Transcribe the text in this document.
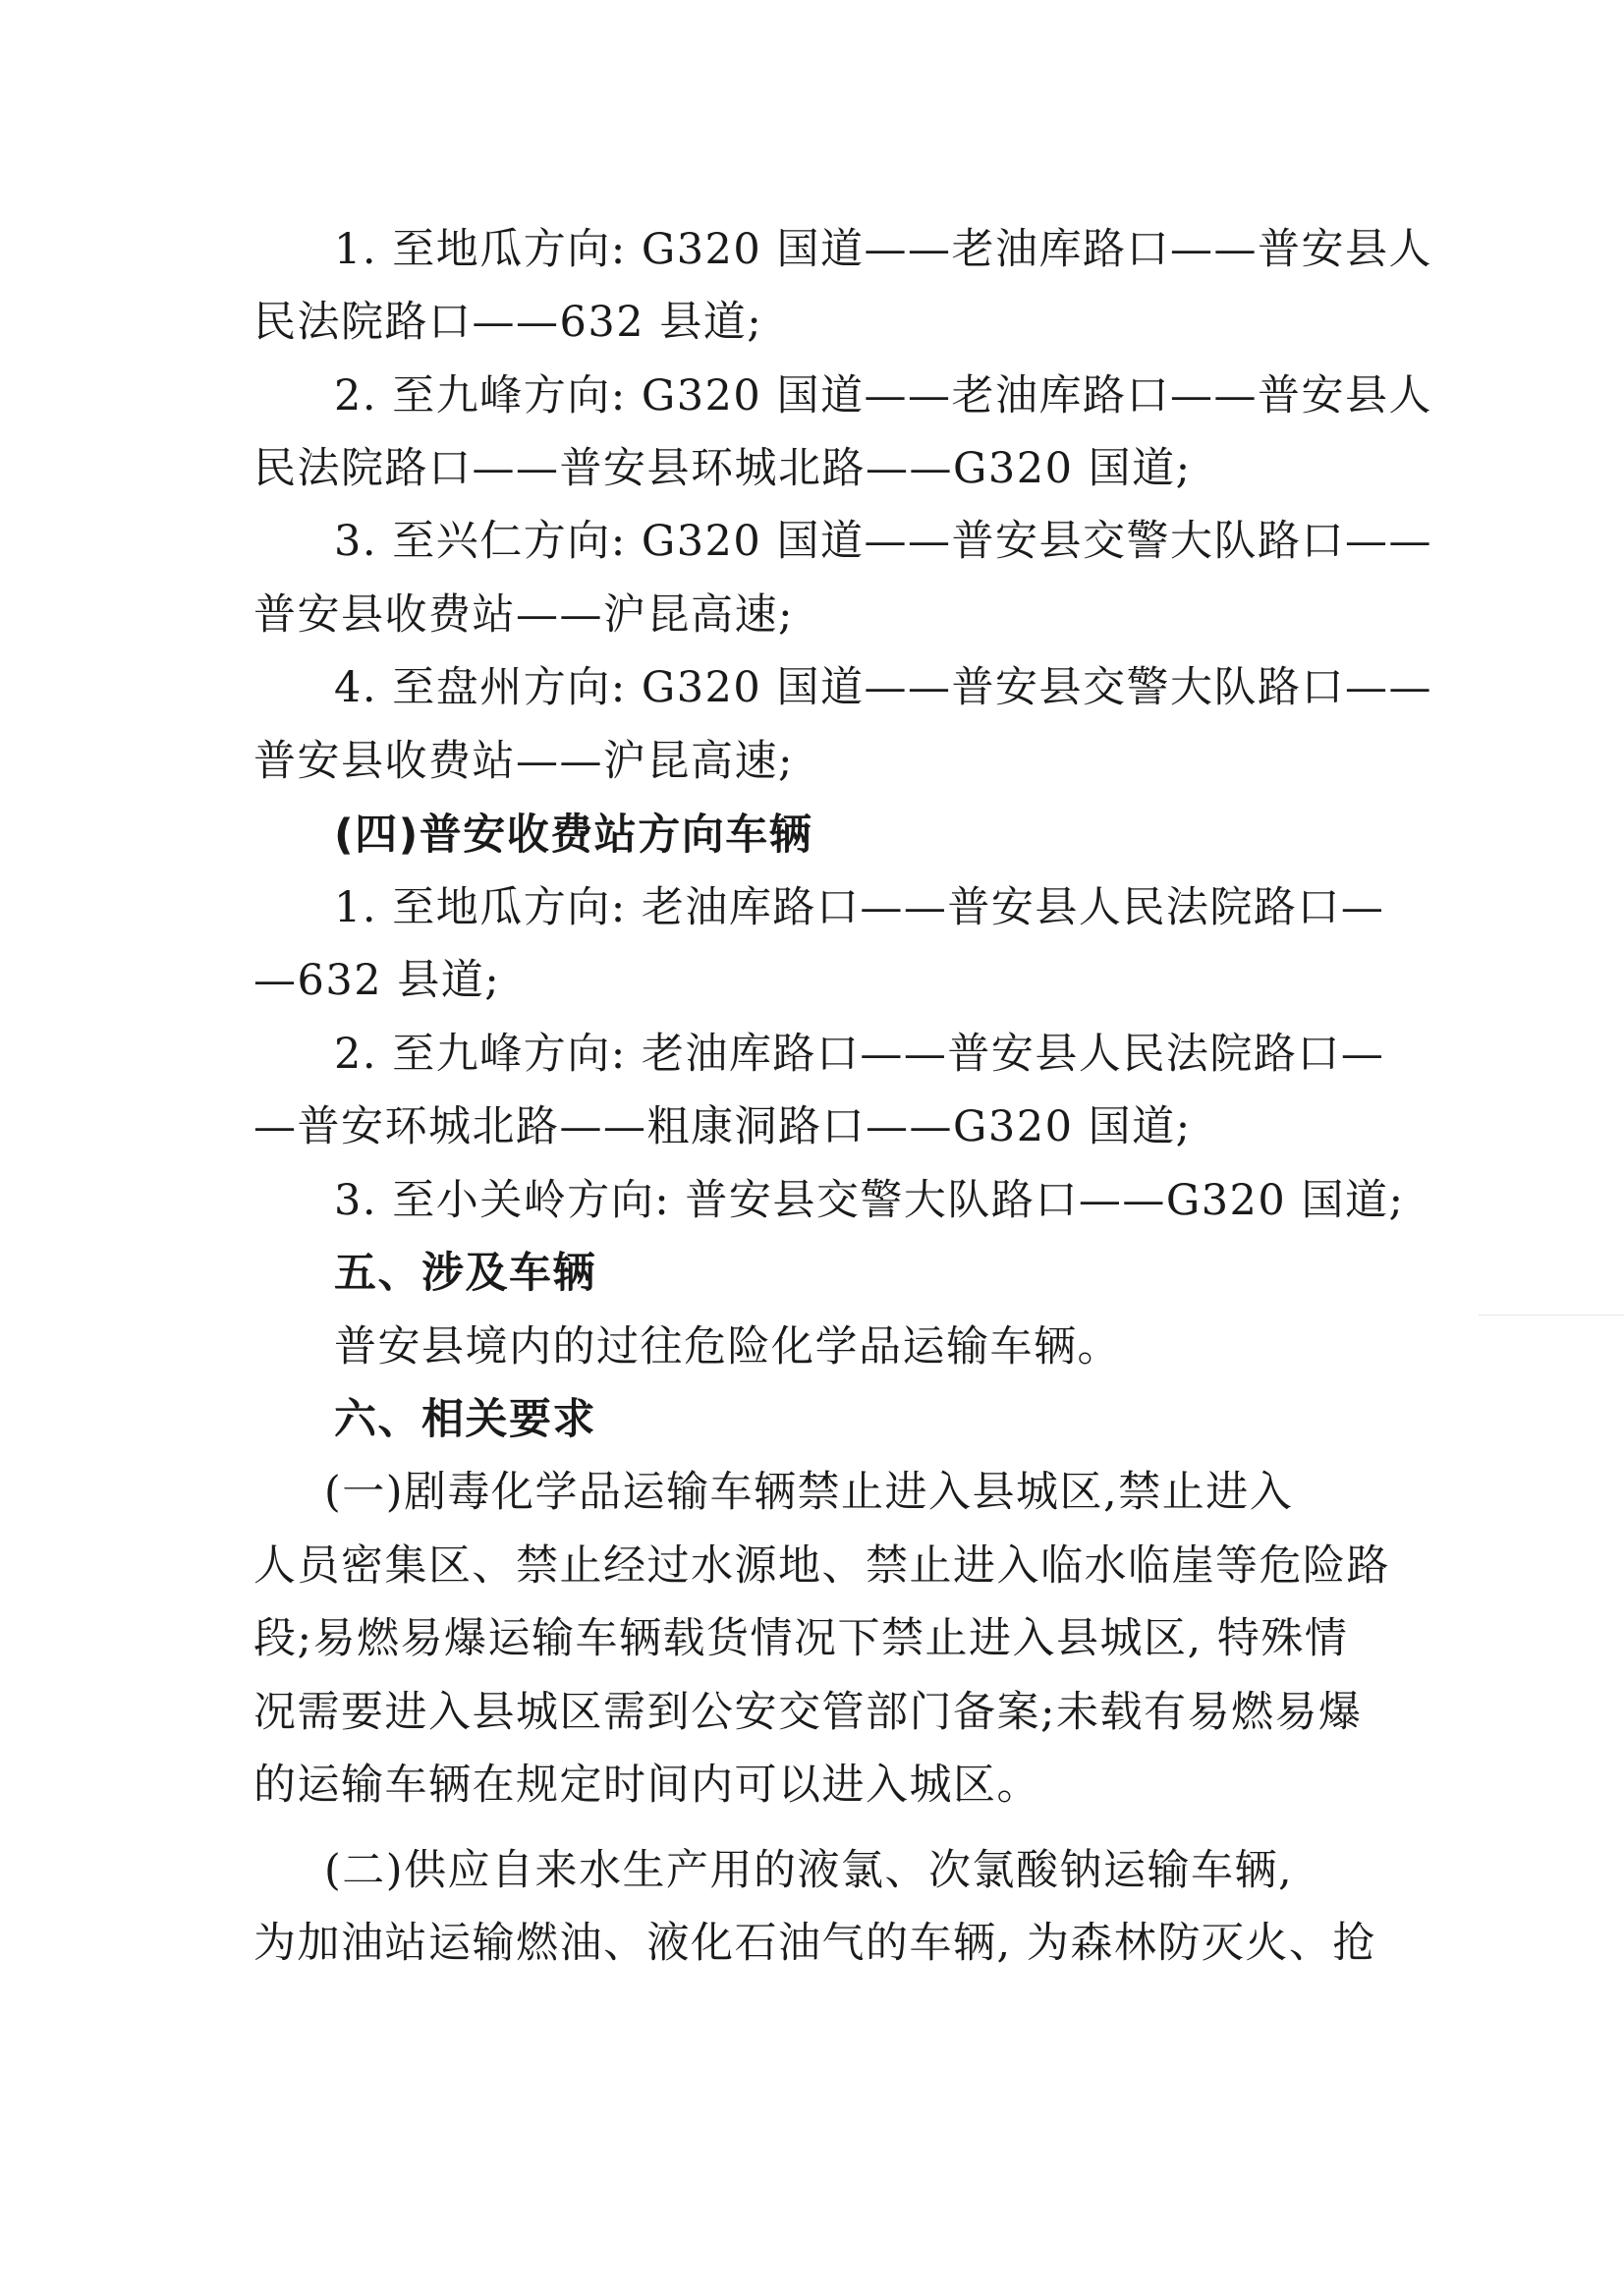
1. 至地瓜方向: G320 国道——老油库路口——普安县人
民法院路口——632 县道;
2. 至九峰方向: G320 国道——老油库路口——普安县人
民法院路口——普安县环城北路——G320 国道;
3. 至兴仁方向: G320 国道——普安县交警大队路口——
普安县收费站——沪昆高速;
4. 至盘州方向: G320 国道——普安县交警大队路口——
普安县收费站——沪昆高速;
(四)普安收费站方向车辆
1. 至地瓜方向: 老油库路口——普安县人民法院路口—
—632 县道;
2. 至九峰方向: 老油库路口——普安县人民法院路口—
—普安环城北路——粗康洞路口——G320 国道;
3. 至小关岭方向: 普安县交警大队路口——G320 国道;
五、涉及车辆
普安县境内的过往危险化学品运输车辆。
六、相关要求
(一)剧毒化学品运输车辆禁止进入县城区,禁止进入
人员密集区、禁止经过水源地、禁止进入临水临崖等危险路
段;易燃易爆运输车辆载货情况下禁止进入县城区, 特殊情
况需要进入县城区需到公安交管部门备案;未载有易燃易爆
的运输车辆在规定时间内可以进入城区。
(二)供应自来水生产用的液氯、次氯酸钠运输车辆,
为加油站运输燃油、液化石油气的车辆, 为森林防灭火、抢
